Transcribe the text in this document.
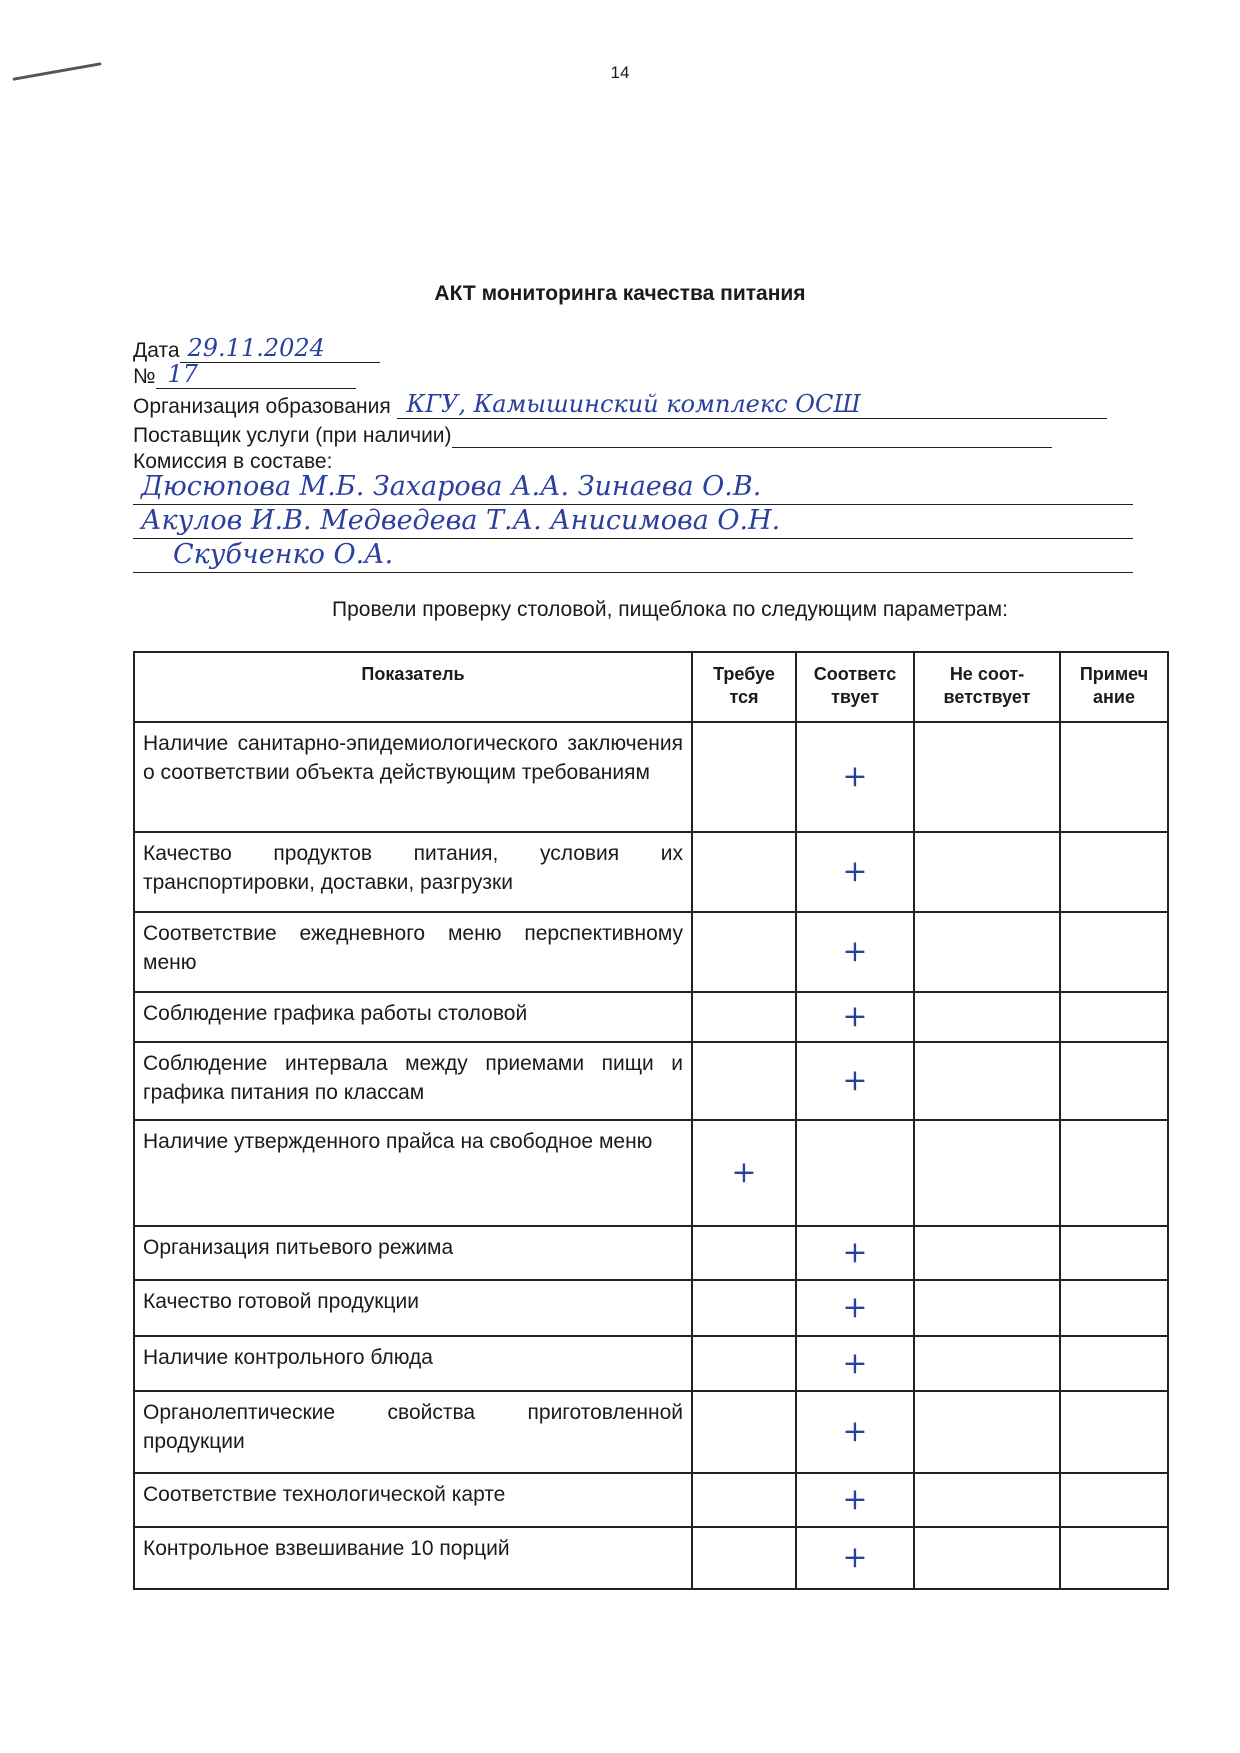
14
АКТ мониторинга качества питания
Дата 29.11.2024
№ 17
Организация образования КГУ, Камышинский комплекс ОСШ
Поставщик услуги (при наличии)
Комиссия в составе:
Дюсюпова М.Б. Захарова А.А. Зинаева О.В.
Акулов И.В. Медведева Т.А. Анисимова О.Н.
Скубченко О.А.
Провели проверку столовой, пищеблока по следующим параметрам:
Показатель	Требуе тся	Соответс твует	Не соот-ветствует	Примеч ание
Наличие санитарно-эпидемиологического заключения о соответствии объекта действующим требованиям		+		
Качество продуктов питания, условия их транспортировки, доставки, разгрузки		+		
Соответствие ежедневного меню перспективному меню		+		
Соблюдение графика работы столовой		+		
Соблюдение интервала между приемами пищи и графика питания по классам		+		
Наличие утвержденного прайса на свободное меню	+			
Организация питьевого режима		+		
Качество готовой продукции		+		
Наличие контрольного блюда		+		
Органолептические свойства приготовленной продукции		+		
Соответствие технологической карте		+		
Контрольное взвешивание 10 порций		+		
